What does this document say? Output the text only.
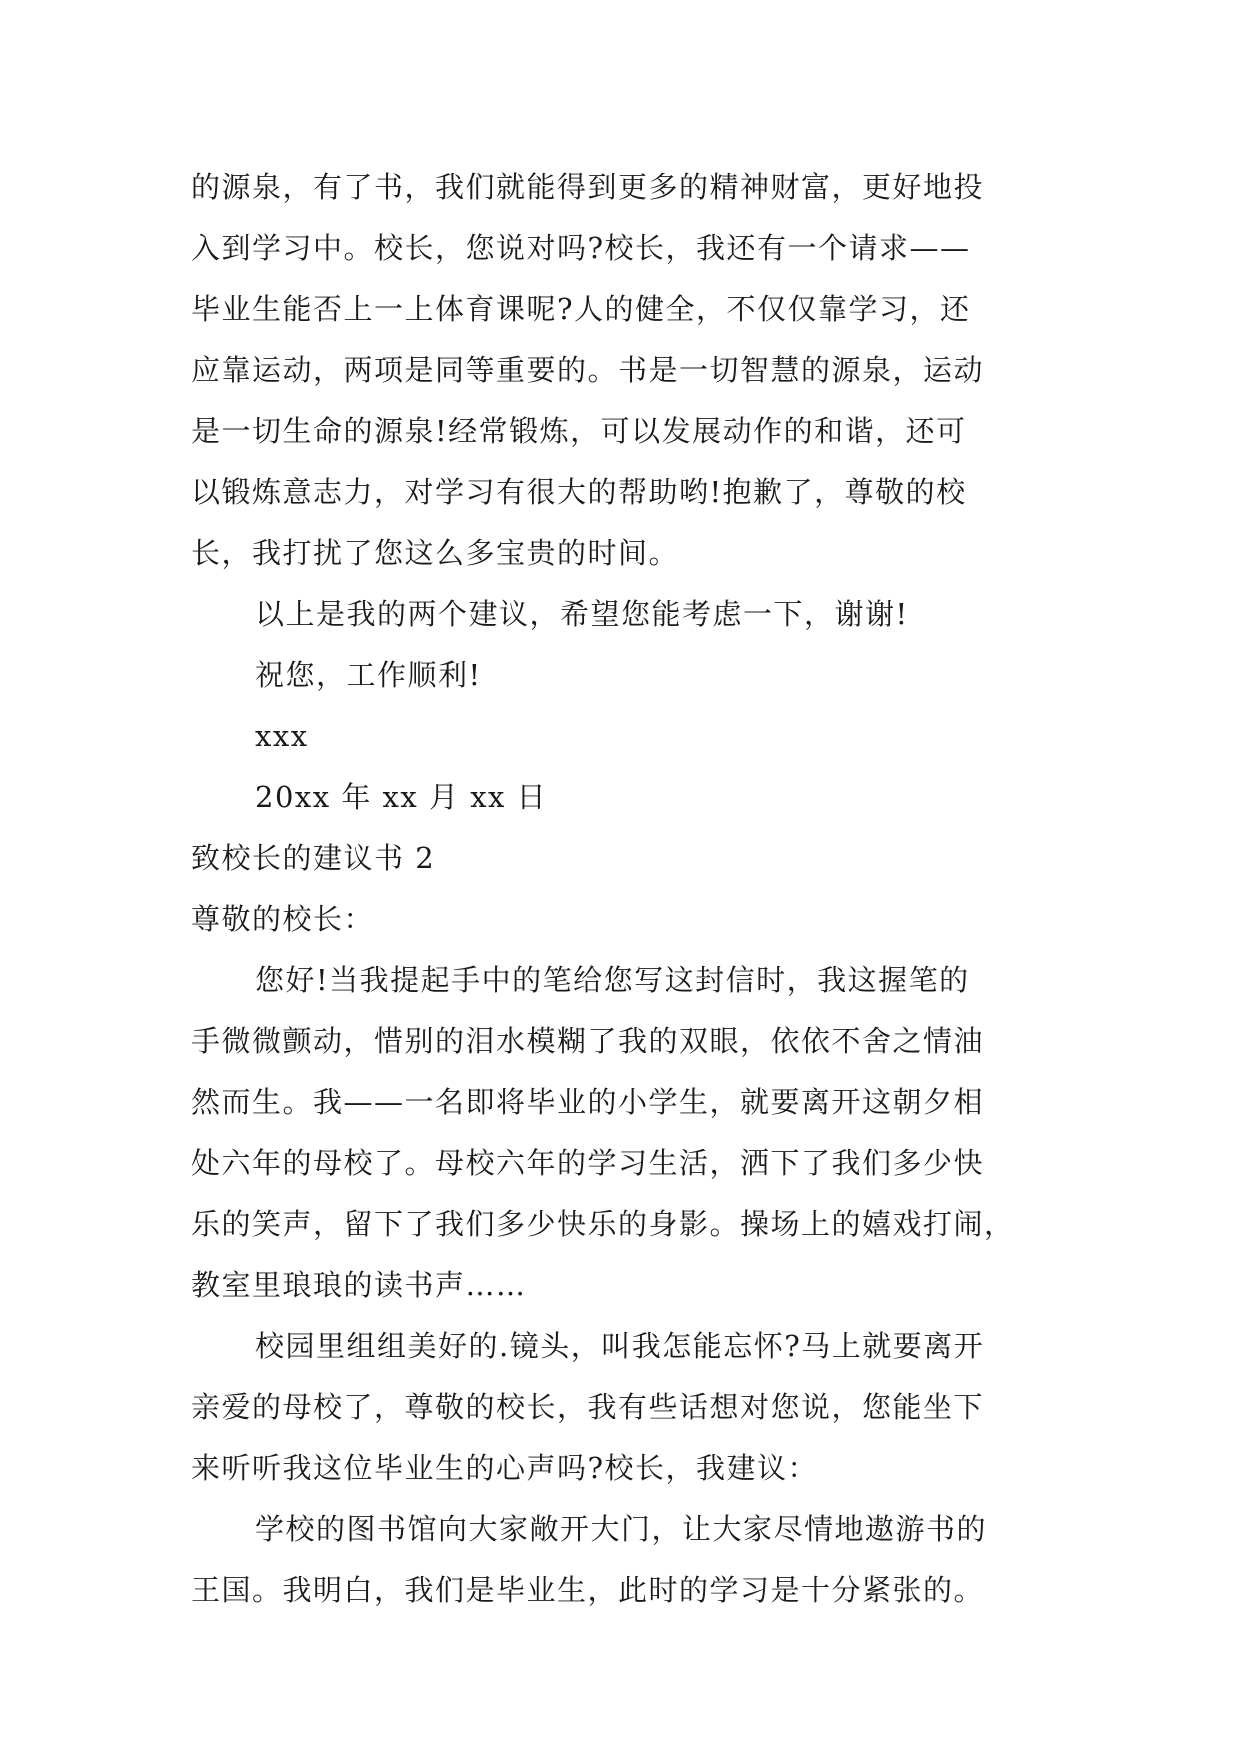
的源泉，有了书，我们就能得到更多的精神财富，更好地投
入到学习中。校长，您说对吗?校长，我还有一个请求——
毕业生能否上一上体育课呢?人的健全，不仅仅靠学习，还
应靠运动，两项是同等重要的。书是一切智慧的源泉，运动
是一切生命的源泉!经常锻炼，可以发展动作的和谐，还可
以锻炼意志力，对学习有很大的帮助哟!抱歉了，尊敬的校
长，我打扰了您这么多宝贵的时间。
以上是我的两个建议，希望您能考虑一下，谢谢!
祝您，工作顺利!
xxx
20xx 年 xx 月 xx 日
致校长的建议书 2
尊敬的校长：
您好!当我提起手中的笔给您写这封信时，我这握笔的
手微微颤动，惜别的泪水模糊了我的双眼，依依不舍之情油
然而生。我——一名即将毕业的小学生，就要离开这朝夕相
处六年的母校了。母校六年的学习生活，洒下了我们多少快
乐的笑声，留下了我们多少快乐的身影。操场上的嬉戏打闹，
教室里琅琅的读书声……
校园里组组美好的.镜头，叫我怎能忘怀?马上就要离开
亲爱的母校了，尊敬的校长，我有些话想对您说，您能坐下
来听听我这位毕业生的心声吗?校长，我建议：
学校的图书馆向大家敞开大门，让大家尽情地遨游书的
王国。我明白，我们是毕业生，此时的学习是十分紧张的。
